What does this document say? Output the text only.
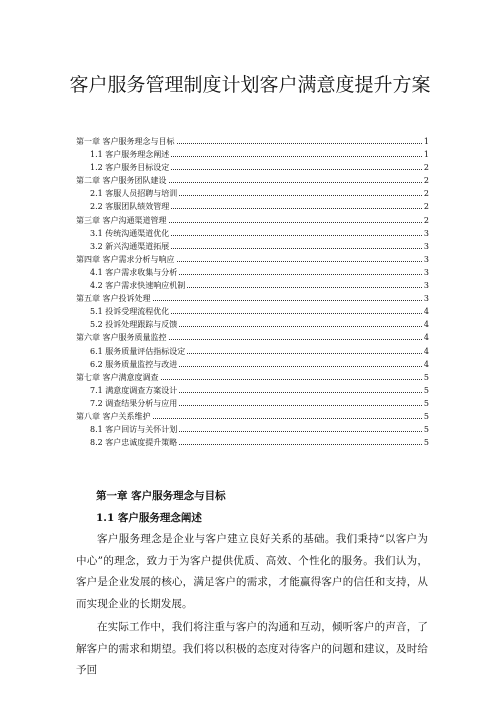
客户服务管理制度计划客户满意度提升方案
第一章 客户服务理念与目标	1
1.1 客户服务理念阐述	1
1.2 客户服务目标设定	2
第二章 客户服务团队建设	2
2.1 客服人员招聘与培训	2
2.2 客服团队绩效管理	2
第三章 客户沟通渠道管理	2
3.1 传统沟通渠道优化	3
3.2 新兴沟通渠道拓展	3
第四章 客户需求分析与响应	3
4.1 客户需求收集与分析	3
4.2 客户需求快速响应机制	3
第五章 客户投诉处理	3
5.1 投诉受理流程优化	4
5.2 投诉处理跟踪与反馈	4
第六章 客户服务质量监控	4
6.1 服务质量评估指标设定	4
6.2 服务质量监控与改进	4
第七章 客户满意度调查	5
7.1 满意度调查方案设计	5
7.2 调查结果分析与应用	5
第八章 客户关系维护	5
8.1 客户回访与关怀计划	5
8.2 客户忠诚度提升策略	5
第一章 客户服务理念与目标
1.1 客户服务理念阐述

客户服务理念是企业与客户建立良好关系的基础。我们秉持“以客户为中心”的理念，致力于为客户提供优质、高效、个性化的服务。我们认为，客户是企业发展的核心，满足客户的需求，才能赢得客户的信任和支持，从而实现企业的长期发展。

在实际工作中，我们将注重与客户的沟通和互动，倾听客户的声音，了解客户的需求和期望。我们将以积极的态度对待客户的问题和建议，及时给予回
